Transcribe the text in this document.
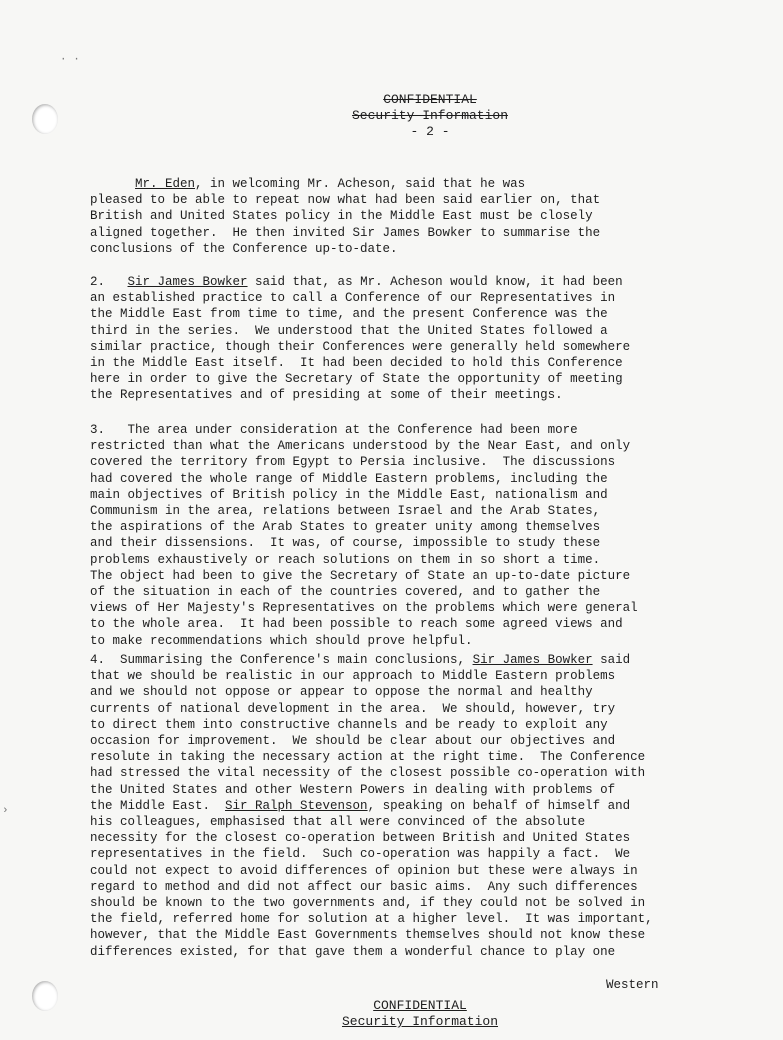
· ·
›
CONFIDENTIAL
Security Information
- 2 -
Mr. Eden, in welcoming Mr. Acheson, said that he was
pleased to be able to repeat now what had been said earlier on, that
British and United States policy in the Middle East must be closely
aligned together.  He then invited Sir James Bowker to summarise the
conclusions of the Conference up-to-date.
2.   Sir James Bowker said that, as Mr. Acheson would know, it had been
an established practice to call a Conference of our Representatives in
the Middle East from time to time, and the present Conference was the
third in the series.  We understood that the United States followed a
similar practice, though their Conferences were generally held somewhere
in the Middle East itself.  It had been decided to hold this Conference
here in order to give the Secretary of State the opportunity of meeting
the Representatives and of presiding at some of their meetings.
3.   The area under consideration at the Conference had been more
restricted than what the Americans understood by the Near East, and only
covered the territory from Egypt to Persia inclusive.  The discussions
had covered the whole range of Middle Eastern problems, including the
main objectives of British policy in the Middle East, nationalism and
Communism in the area, relations between Israel and the Arab States,
the aspirations of the Arab States to greater unity among themselves
and their dissensions.  It was, of course, impossible to study these
problems exhaustively or reach solutions on them in so short a time.
The object had been to give the Secretary of State an up-to-date picture
of the situation in each of the countries covered, and to gather the
views of Her Majesty's Representatives on the problems which were general
to the whole area.  It had been possible to reach some agreed views and
to make recommendations which should prove helpful.
4.  Summarising the Conference's main conclusions, Sir James Bowker said
that we should be realistic in our approach to Middle Eastern problems
and we should not oppose or appear to oppose the normal and healthy
currents of national development in the area.  We should, however, try
to direct them into constructive channels and be ready to exploit any
occasion for improvement.  We should be clear about our objectives and
resolute in taking the necessary action at the right time.  The Conference
had stressed the vital necessity of the closest possible co-operation with
the United States and other Western Powers in dealing with problems of
the Middle East.  Sir Ralph Stevenson, speaking on behalf of himself and
his colleagues, emphasised that all were convinced of the absolute
necessity for the closest co-operation between British and United States
representatives in the field.  Such co-operation was happily a fact.  We
could not expect to avoid differences of opinion but these were always in
regard to method and did not affect our basic aims.  Any such differences
should be known to the two governments and, if they could not be solved in
the field, referred home for solution at a higher level.  It was important,
however, that the Middle East Governments themselves should not know these
differences existed, for that gave them a wonderful chance to play one
Western
CONFIDENTIAL
Security Information
